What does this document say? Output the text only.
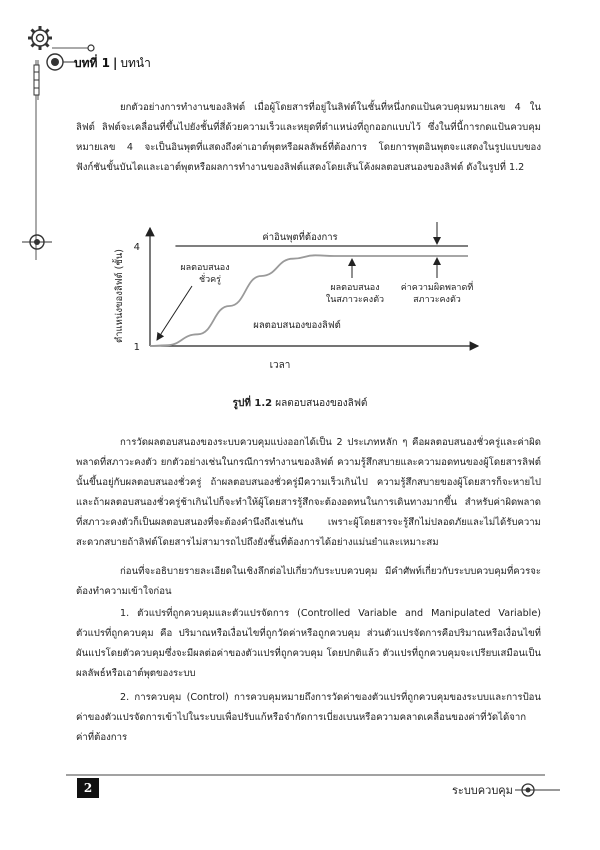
บทที่ 1 | บทนำ

ยกตัวอย่างการทำงานของลิฟต์ เมื่อผู้โดยสารที่อยู่ในลิฟต์ในชั้นที่หนึ่งกดแป้นควบคุมหมายเลข 4 ในลิฟต์ ลิฟต์จะเคลื่อนที่ขึ้นไปยังชั้นที่สี่ด้วยความเร็วและหยุดที่ตำแหน่งที่ถูกออกแบบไว้ ซึ่งในที่นี้การกดแป้นควบคุมหมายเลข 4 จะเป็นอินพุตที่แสดงถึงค่าเอาต์พุตหรือผลลัพธ์ที่ต้องการ โดยการพุตอินพุตจะแสดงในรูปแบบของฟังก์ชันขั้นบันไดและเอาต์พุตหรือผลการทำงานของลิฟต์แสดงโดยเส้นโค้งผลตอบสนองของลิฟต์ ดังในรูปที่ 1.2

1
4
เวลา
ตำแหน่งของลิฟต์ (ชั้น)
ค่าอินพุตที่ต้องการ
ผลตอบสนอง
ชั่วครู่
ผลตอบสนอง
ในสภาวะคงตัว
ค่าความผิดพลาดที่
สภาวะคงตัว
ผลตอบสนองของลิฟต์
รูปที่ 1.2 ผลตอบสนองของลิฟต์

การวัดผลตอบสนองของระบบควบคุมแบ่งออกได้เป็น 2 ประเภทหลัก ๆ คือผลตอบสนองชั่วครู่และค่าผิดพลาดที่สภาวะคงตัว ยกตัวอย่างเช่นในกรณีการทำงานของลิฟต์ ความรู้สึกสบายและความอดทนของผู้โดยสารลิฟต์นั้นขึ้นอยู่กับผลตอบสนองชั่วครู่ ถ้าผลตอบสนองชั่วครู่มีความเร็วเกินไป ความรู้สึกสบายของผู้โดยสารก็จะหายไป และถ้าผลตอบสนองชั่วครู่ช้าเกินไปก็จะทำให้ผู้โดยสารรู้สึกจะต้องอดทนในการเดินทางมากขึ้น สำหรับค่าผิดพลาดที่สภาวะคงตัวก็เป็นผลตอบสนองที่จะต้องคำนึงถึงเช่นกัน เพราะผู้โดยสารจะรู้สึกไม่ปลอดภัยและไม่ได้รับความสะดวกสบายถ้าลิฟต์โดยสารไม่สามารถไปถึงยังชั้นที่ต้องการได้อย่างแม่นยำและเหมาะสม

ก่อนที่จะอธิบายรายละเอียดในเชิงลึกต่อไปเกี่ยวกับระบบควบคุม มีคำศัพท์เกี่ยวกับระบบควบคุมที่ควรจะต้องทำความเข้าใจก่อน

1. ตัวแปรที่ถูกควบคุมและตัวแปรจัดการ (Controlled Variable and Manipulated Variable) ตัวแปรที่ถูกควบคุม คือ ปริมาณหรือเงื่อนไขที่ถูกวัดค่าหรือถูกควบคุม ส่วนตัวแปรจัดการคือปริมาณหรือเงื่อนไขที่ผันแปรโดยตัวควบคุมซึ่งจะมีผลต่อค่าของตัวแปรที่ถูกควบคุม โดยปกติแล้ว ตัวแปรที่ถูกควบคุมจะเปรียบเสมือนเป็นผลลัพธ์หรือเอาต์พุตของระบบ

2. การควบคุม (Control) การควบคุมหมายถึงการวัดค่าของตัวแปรที่ถูกควบคุมของระบบและการป้อนค่าของตัวแปรจัดการเข้าไปในระบบเพื่อปรับแก้หรือจำกัดการเบี่ยงเบนหรือความคลาดเคลื่อนของค่าที่วัดได้จากค่าที่ต้องการ

2	ระบบควบคุม
